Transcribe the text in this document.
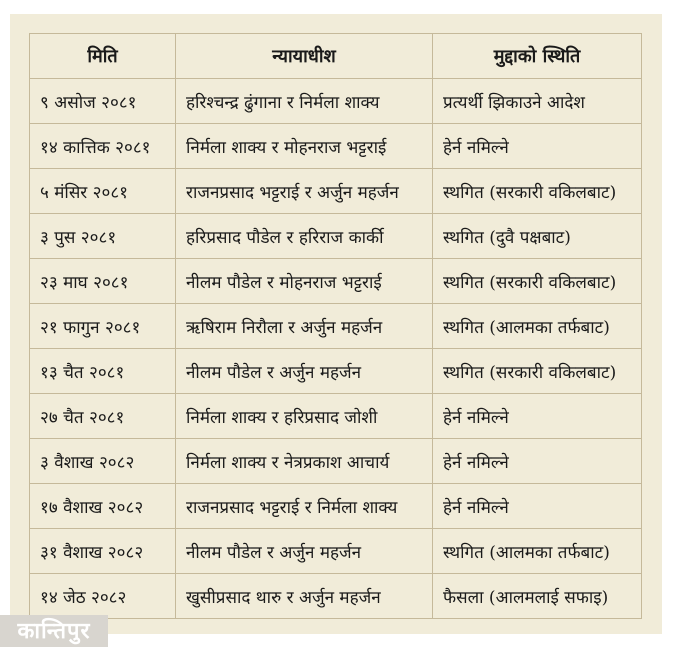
मिति	न्यायाधीश	मुद्दाको स्थिति
९ असोज २०८१	हरिश्चन्द्र ढुंगाना र निर्मला शाक्य	प्रत्यर्थी झिकाउने आदेश
१४ कात्तिक २०८१	निर्मला शाक्य र मोहनराज भट्टराई	हेर्न नमिल्ने
५ मंसिर २०८१	राजनप्रसाद भट्टराई र अर्जुन महर्जन	स्थगित (सरकारी वकिलबाट)
३ पुस २०८१	हरिप्रसाद पौडेल र हरिराज कार्की	स्थगित (दुवै पक्षबाट)
२३ माघ २०८१	नीलम पौडेल र मोहनराज भट्टराई	स्थगित (सरकारी वकिलबाट)
२१ फागुन २०८१	ऋषिराम निरौला र अर्जुन महर्जन	स्थगित (आलमका तर्फबाट)
१३ चैत २०८१	नीलम पौडेल र अर्जुन महर्जन	स्थगित (सरकारी वकिलबाट)
२७ चैत २०८१	निर्मला शाक्य र हरिप्रसाद जोशी	हेर्न नमिल्ने
३ वैशाख २०८२	निर्मला शाक्य र नेत्रप्रकाश आचार्य	हेर्न नमिल्ने
१७ वैशाख २०८२	राजनप्रसाद भट्टराई र निर्मला शाक्य	हेर्न नमिल्ने
३१ वैशाख २०८२	नीलम पौडेल र अर्जुन महर्जन	स्थगित (आलमका तर्फबाट)
१४ जेठ २०८२	खुसीप्रसाद थारु र अर्जुन महर्जन	फैसला (आलमलाई सफाइ)
कान्तिपुर
